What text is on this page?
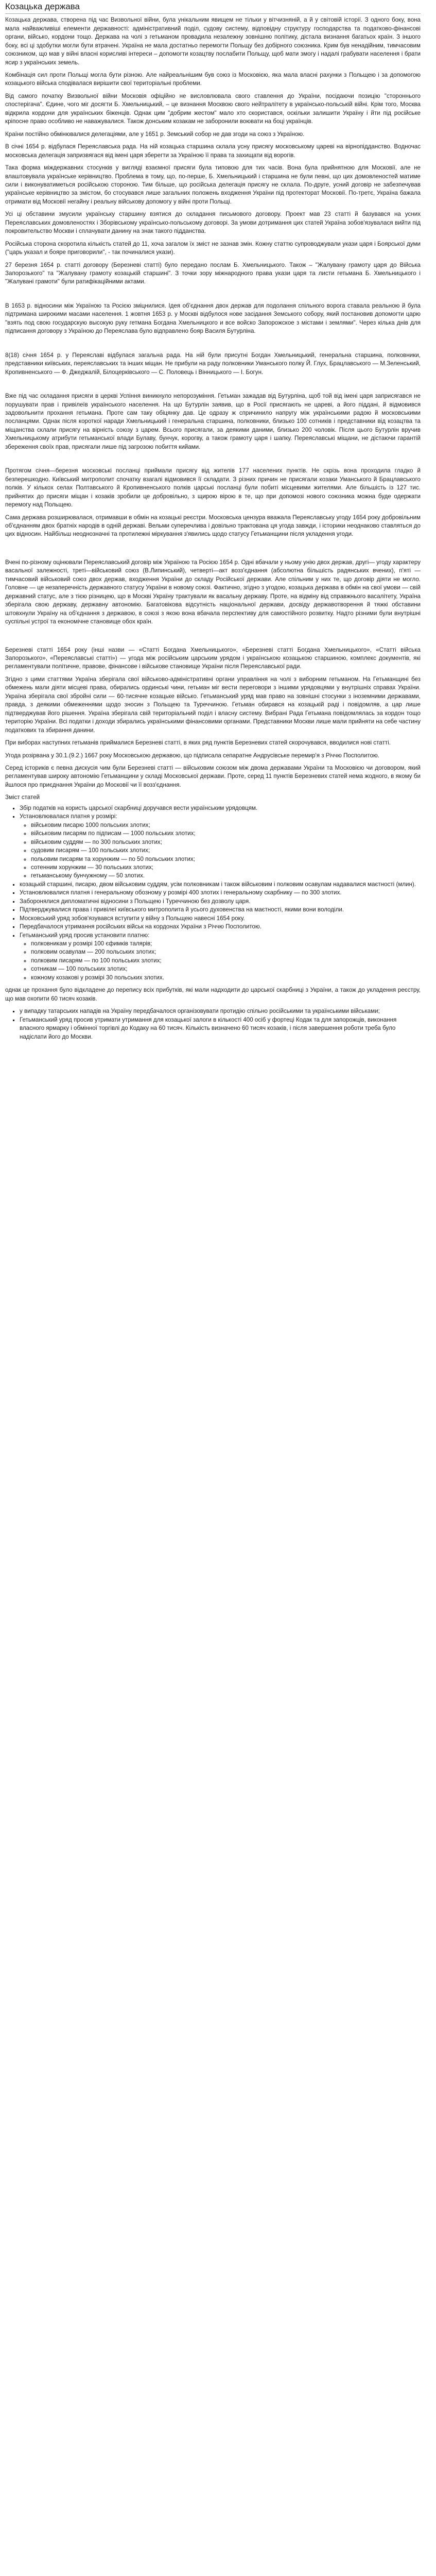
Козацька держава

Козацька держава, створена під час Визвольної війни, була унікальним явищем не тільки у вітчизняній, а й у світовій історії. З одного боку, вона мала найважливіші елементи державності: адміністративний поділ, судову систему, відповідну структуру господарства та податково-фінансові органи, військо, кордони тощо. Держава на чолі з гетьманом провадила незалежну зовнішню політику, дістала визнання багатьох країн. З іншого боку, всі ці здобутки могли бути втрачені. Україна не мала достатньо перемогти Польщу без добірного союзника. Крим був ненадійним, тимчасовим союзником, що мав у війні власні корисливі інтереси – допомогти козацтву послабити Польщу, щоб мати змогу і надалі грабувати населення і брати ясир з українських земель.

Комбінація сил проти Польщі могла бути різною. Але найреальнішим був союз із Московією, яка мала власні рахунки з Польщею і за допомогою козацького війська сподівалася вирішити свої територіальні проблеми.

Від самого початку Визвольної війни Московія офіційно не висловлювала свого ставлення до України, посідаючи позицію "стороннього спостерігача". Єдине, чого міг досягти Б. Хмельницький, – це визнання Москвою свого нейтралітету в українсько-польській війні. Крім того, Москва відкрила кордони для українських біженців. Однак цим "добрим жестом" мало хто скористався, оскільки залишити Україну і йти під російське кріпосне право особливо не наважувалися. Також донським козакам не заборонили воювати на боці українців.

Країни постійно обмінювалися делегаціями, але у 1651 р. Земський собор не дав згоди на союз з Україною.

В січні 1654 р. відбулася Переяславська рада. На ній козацька старшина склала усну присягу московському цареві на вірнопідданство. Водночас московська делегація запризвягася від імені царя зберегти за Україною її права та захищати від ворогів.

Така форма міждержавних стосунків у вигляді взаємної присяги була типовою для тих часів. Вона була прийнятною для Московії, але не влаштовувала українське керівництво. Проблема в тому, що, по-перше, Б. Хмельницький і старшина не були певні, що цих домовленостей матиме сили і виконуватиметься російською стороною. Тим більше, що російська делегація присягу не склала. По-друге, усний договір не забезпечував українське керівництво за змістом, бо стосувався лише загальних положень входження України під протекторат Московії. По-третє, Україна бажала отримати від Московії негайну і реальну військову допомогу у війні проти Польщі.

Усі ці обставини змусили українську старшину взятися до складання письмового договору. Проект мав 23 статті й базувався на усних Переяславських домовленостях і Зборівському українсько-польському договорі. За умови дотримання цих статей Україна зобов'язувалася вийти під покровительство Москви і сплачувати данину на знак такого підданства.

Російська сторона скоротила кількість статей до 11, хоча загалом їх зміст не зазнав змін. Кожну статтю супроводжували укази царя і Боярської думи ("царь указал и бояре приговорили", - так починалися укази).

27 березня 1654 р. статті договору (Березневі статті) було передано послам Б. Хмельницького. Також – "Жалувану грамоту царя до Війська Запорозького" та "Жалувану грамоту козацькій старшині". З точки зору міжнародного права укази царя та листи гетьмана Б. Хмельницького і "Жалувані грамоти" були ратифікаційними актами.

В 1653 р. відносини між Україною та Росією зміцнилися. Ідея об'єднання двох держав для подолання спільного ворога ставала реальною й була підтримана широкими масами населення. 1 жовтня 1653 р. у Москві відбулося нове засідання Земського собору, який постановив допомогти царю "взять под свою государскую высокую руку гетмана Богдана Хмельницкого и все войско Запорожское з містами і землями". Через кілька днів для підписання договору з Україною до Переяслава було відправлено бояр Василя Бутурліна.

8(18) січня 1654 р. у Переяславі відбулася загальна рада. На ній були присутні Богдан Хмельницький, генеральна старшина, полковники, представники київських, переяславських та інших міщан. Не прибули на раду полковники Уманського полку Й. Глух, Брацлавського — М.Зеленський, Кропивненського — Ф. Джеджалій, Білоцерківського — С. Половець і Вінницького — І. Богун.

Вже під час складання присяги в церкві Успіння виникнуло непорозуміння. Гетьман зажадав від Бутурліна, щоб той від імені царя заприсягався не порушувати прав і привілеїв українського населення. На що Бутурлін заявив, що в Росії присягають не цареві, а його піддані, й відмовився задовольнити прохання гетьмана. Проте сам таку обіцянку дав. Це одразу ж спричинило напругу між українськими радою й московськими посланцями. Однак після короткої наради Хмельницький і генеральна старшина, полковники, близько 100 сотників і представники від козацтва та міщанства склали присягу на вірність союзу з царем. Всього присягали, за деякими даними, близько 200 чоловік. Після цього Бутурлін вручив Хмельницькому атрибути гетьманської влади Булаву, бунчук, корогву, а також грамоту царя і шапку. Переяславські міщани, не дістаючи гарантій збереження своїх прав, присягали лише під загрозою побиття кийами.

Протягом січня—березня московські посланці приймали присягу від жителів 177 населених пунктів. Не скрізь вона проходила гладко й безперешкодно. Київський митрополит спочатку взагалі відмовився її складати. З різних причин не присягали козаки Уманського й Брацлавського полків. У кількох селах Полтавського й Кропивненського полків царські посланці були побиті місцевими жителями. Але більшість із 127 тис. прийнятих до присяги міщан і козаків зробили це добровільно, з щирою вірою в те, що при допомозі нового союзника можна буде одержати перемогу над Польщею.

Сама держава розширювалася, отримавши в обмін на козацькі реєстри. Московська цензура вважала Переяславську угоду 1654 року добровільним об'єднанням двох братніх народів в одній державі. Вельми суперечлива і довільно трактована ця угода завжди, і історики неоднаково ставляться до цих відносин. Найбільш неоднозначні та протилежні міркування з'явились щодо статусу Гетьманщини після укладення угоди.

Вчені по-різному оцінювали Переяславський договір між Україною та Росією 1654 р. Одні вбачали у ньому унію двох держав, другі— угоду характеру васальної залежності, треті—військовий союз (В.Липинський), четверті—акт возз'єднання (абсолютна більшість радянських вчених), п'яті — тимчасовий військовий союз двох держав, входження України до складу Російської держави. Але спільним у них те, що договір діяти не могло. Головне — це незаперечність державного статусу України в новому союзі. Фактично, згідно з угодою, козацька держава в обмін на свої умови — свій державний статус, але з тією різницею, що в Москві Україну трактували як васальну державу. Проте, на відміну від справжнього васалітету, Україна зберігала свою державу, державну автономію. Багатовікова відсутність національної держави, досвіду державотворення й тяжкі обставини штовхнули Україну на об'єднання з державою, в союзі з якою вона вбачала перспективу для самостійного розвитку. Надто різними були внутрішні суспільні устрої та економічне становище обох країн.

Березневі статті 1654 року (інші назви — «Статті Богдана Хмельницького», «Березневі статті Богдана Хмельницького», «Статті війська Запорозького», «Переяславські статті») — угода між російським царським урядом і українською козацькою старшиною, комплекс документів, які регламентували політичне, правове, фінансове і військове становище України після Переяславської ради.

Згідно з цими статтями Україна зберігала свої військово-адміністративні органи управління на чолі з виборним гетьманом. На Гетьманщині без обмежень мали діяти місцеві права, обирались ординські чини, гетьман міг вести переговори з іншими урядовцями у внутрішніх справах України. Україна зберігала свої збройні сили — 60-тисячне козацьке військо. Гетьманський уряд мав право на зовнішні стосунки з іноземними державами, правда, з деякими обмеженнями щодо зносин з Польщею та Туреччиною. Гетьман обирався на козацькій раді і повідомляв, а цар лише підтверджував його рішення. Україна зберігала свій територіальний поділ і власну систему. Вибрані Рада Гетьмана повідомлялась за кордон тощо територію України. Всі податки і доходи збирались українськими фінансовими органами. Представники Москви лише мали прийняти на себе частину податкових та збирання данини.

При виборах наступних гетьманів приймалися Березневі статті, в яких ряд пунктів Березневих статей скорочувався, вводилися нові статті.

Угода розірвана у 30.1.(9.2.) 1667 року Московською державою, що підписала сепаратне Андрусівське перемир'я з Річчю Посполитою.

Серед істориків є певна дискусія чим були Березневі статті — військовим союзом між двома державами України та Московією чи договором, який регламентував широку автономію Гетьманщини у складі Московської держави. Проте, серед 11 пунктів Березневих статей нема жодного, в якому би йшлося про приєднання України до Московії чи її возз'єднання.

Зміст статей
▪ Збір податків на користь царської скарбниці доручався вести українським урядовцям.
▪ Установлювалася платня у розмірі:
◦ військовим писарю 1000 польських злотих;
◦ військовим писарям по підписам — 1000 польських злотих;
◦ військовим суддям — по 300 польських злотих;
◦ судовим писарям — 100 польських злотих;
◦ польовим писарям та хорунжим — по 50 польських злотих;
◦ сотенним хорунжим — 30 польських злотих;
◦ гетьманському бунчужному — 50 злотих.
▪ козацькій старшині, писарю, двом військовим суддям, усім полковникам і також військовим і полковим осавулам надавалися маєтності (млин).
▪ Установлювалися платня і генеральному обозному у розмірі 400 злотих і генеральному скарбнику — по 300 злотих.
▪ Заборонялися дипломатичні відносини з Польщею і Туреччиною без дозволу царя.
▪ Підтверджувалися права і привілеї київського митрополита й усього духовенства на маєтності, якими вони володіли.
▪ Московський уряд зобов'язувався вступити у війну з Польщею навесні 1654 року.
▪ Передбачалося утримання російських військ на кордонах України з Річчю Посполитою.
▪ Гетьманський уряд просив установити платню:
◦ полковникам у розмірі 100 єфимків талярів;
◦ полковим осавулам — 200 польських злотих;
◦ полковим писарям — по 100 польських злотих;
◦ сотникам — 100 польських злотих;
◦ кожному козакові у розмірі 30 польських злотих.

однак це прохання було відкладене до перепису всіх прибутків, які мали надходити до царської скарбниці з України, а також до укладення реєстру, що мав охопити 60 тисяч козаків.

▪ у випадку татарських нападів на Україну передбачалося організовувати протидію спільно російськими та українськими військами;
▪ Гетьманський уряд просив утримати утримання для козацької залоги в кількості 400 осіб у фортеці Кодак та для запорожців, виконання власного ярмарку і обмінної торгівлі до Кодаку на 60 тисяч. Кількість визначено 60 тисяч козаків, і після завершення роботи треба було надіслати його до Москви.
